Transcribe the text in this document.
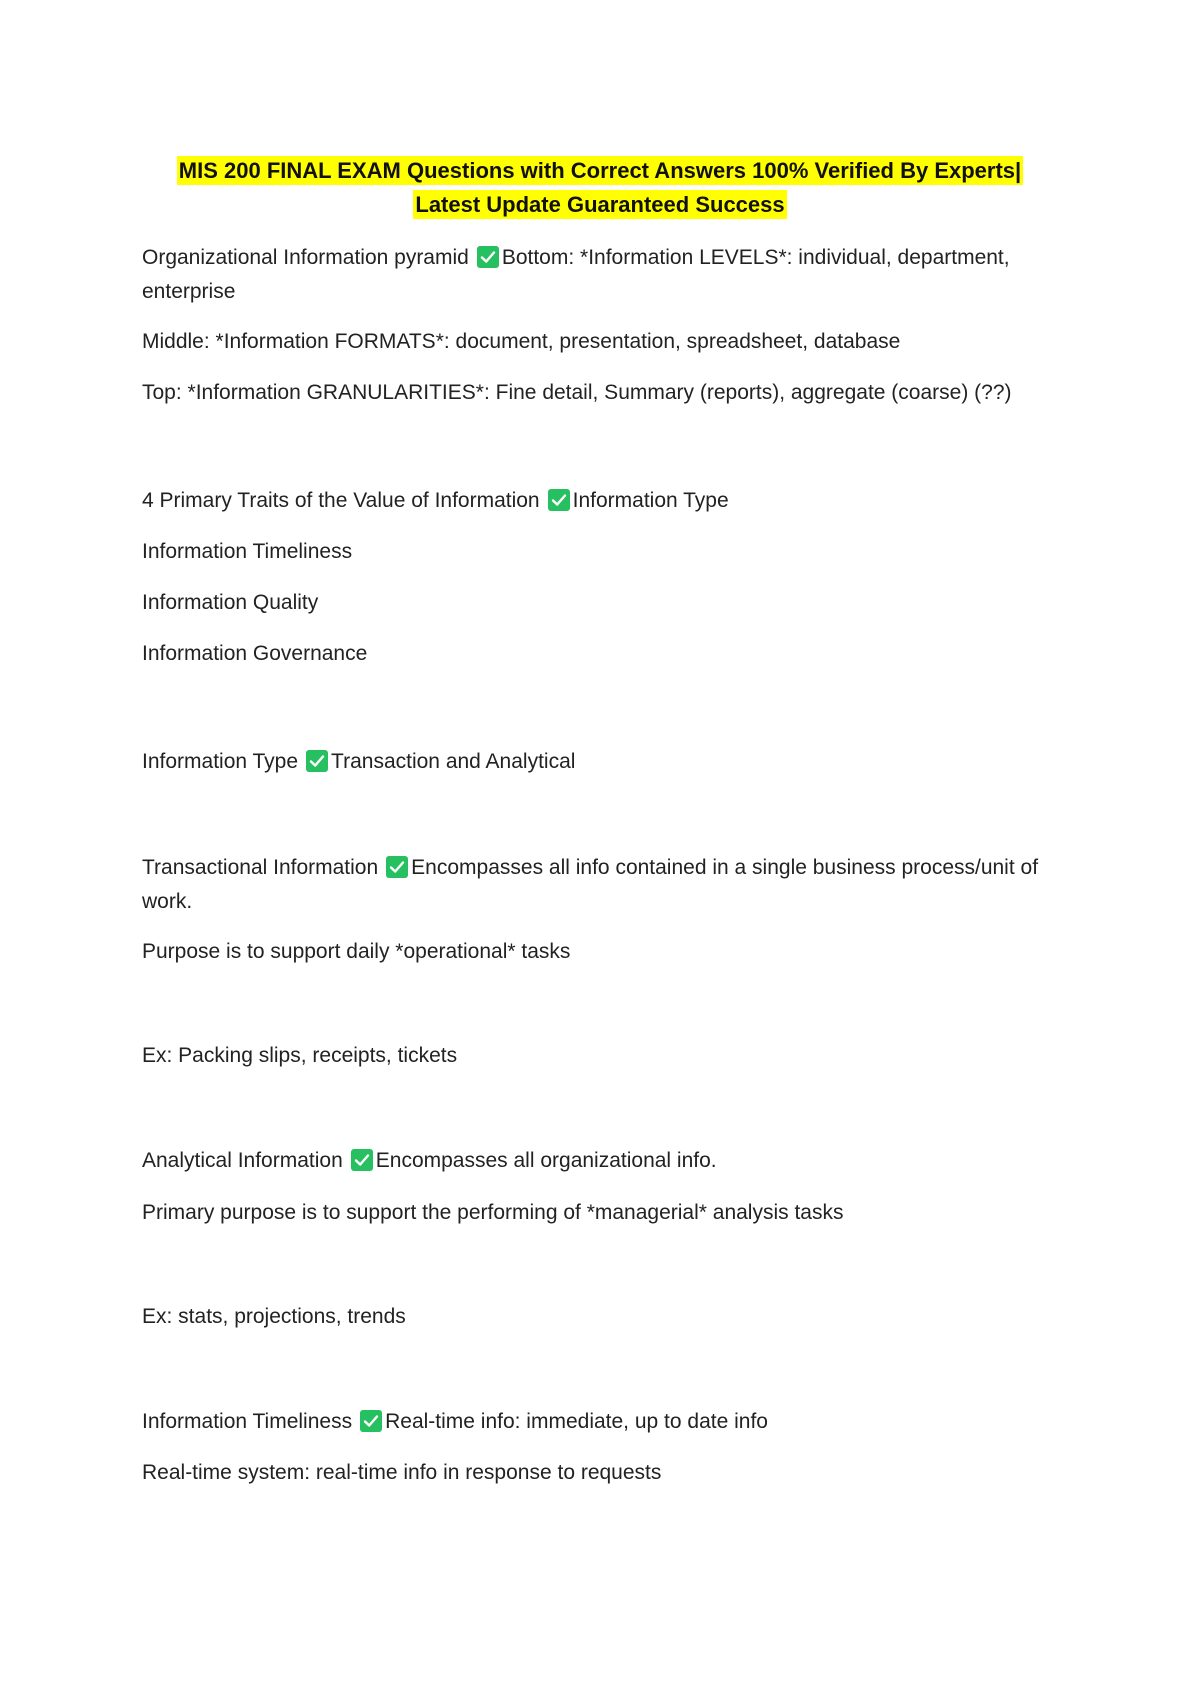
MIS 200 FINAL EXAM Questions with Correct Answers 100% Verified By Experts| Latest Update Guaranteed Success
Organizational Information pyramid Bottom: *Information LEVELS*: individual, department, enterprise
Middle: *Information FORMATS*: document, presentation, spreadsheet, database
Top: *Information GRANULARITIES*: Fine detail, Summary (reports), aggregate (coarse) (??)
4 Primary Traits of the Value of Information Information Type
Information Timeliness
Information Quality
Information Governance
Information Type Transaction and Analytical
Transactional Information Encompasses all info contained in a single business process/unit of work.
Purpose is to support daily *operational* tasks
Ex: Packing slips, receipts, tickets
Analytical Information Encompasses all organizational info.
Primary purpose is to support the performing of *managerial* analysis tasks
Ex: stats, projections, trends
Information Timeliness Real-time info: immediate, up to date info
Real-time system: real-time info in response to requests
